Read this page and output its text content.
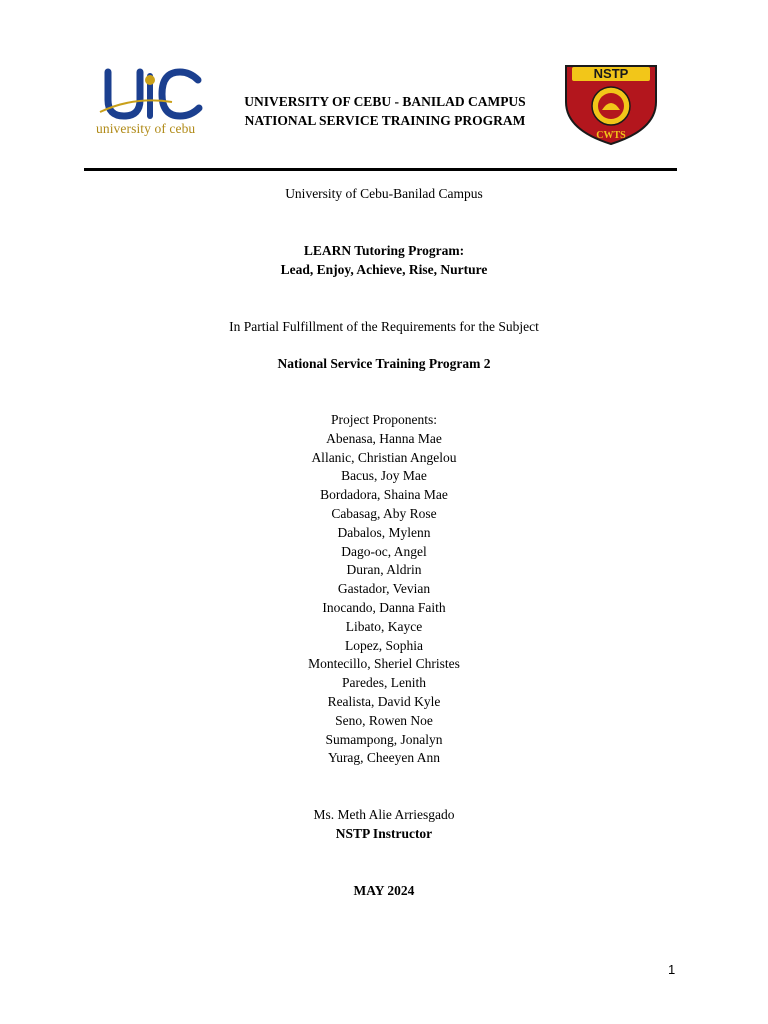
university of cebu
UNIVERSITY OF CEBU - BANILAD CAMPUS
NATIONAL SERVICE TRAINING PROGRAM
NSTP
CWTS
University of Cebu-Banilad Campus
LEARN Tutoring Program:
Lead, Enjoy, Achieve, Rise, Nurture
In Partial Fulfillment of the Requirements for the Subject
National Service Training Program 2
Project Proponents:
Abenasa, Hanna Mae
Allanic, Christian Angelou
Bacus, Joy Mae
Bordadora, Shaina Mae
Cabasag, Aby Rose
Dabalos, Mylenn
Dago-oc, Angel
Duran, Aldrin
Gastador, Vevian
Inocando, Danna Faith
Libato, Kayce
Lopez, Sophia
Montecillo, Sheriel Christes
Paredes, Lenith
Realista, David Kyle
Seno, Rowen Noe
Sumampong, Jonalyn
Yurag, Cheeyen Ann
Ms. Meth Alie Arriesgado
NSTP Instructor
MAY 2024
1
